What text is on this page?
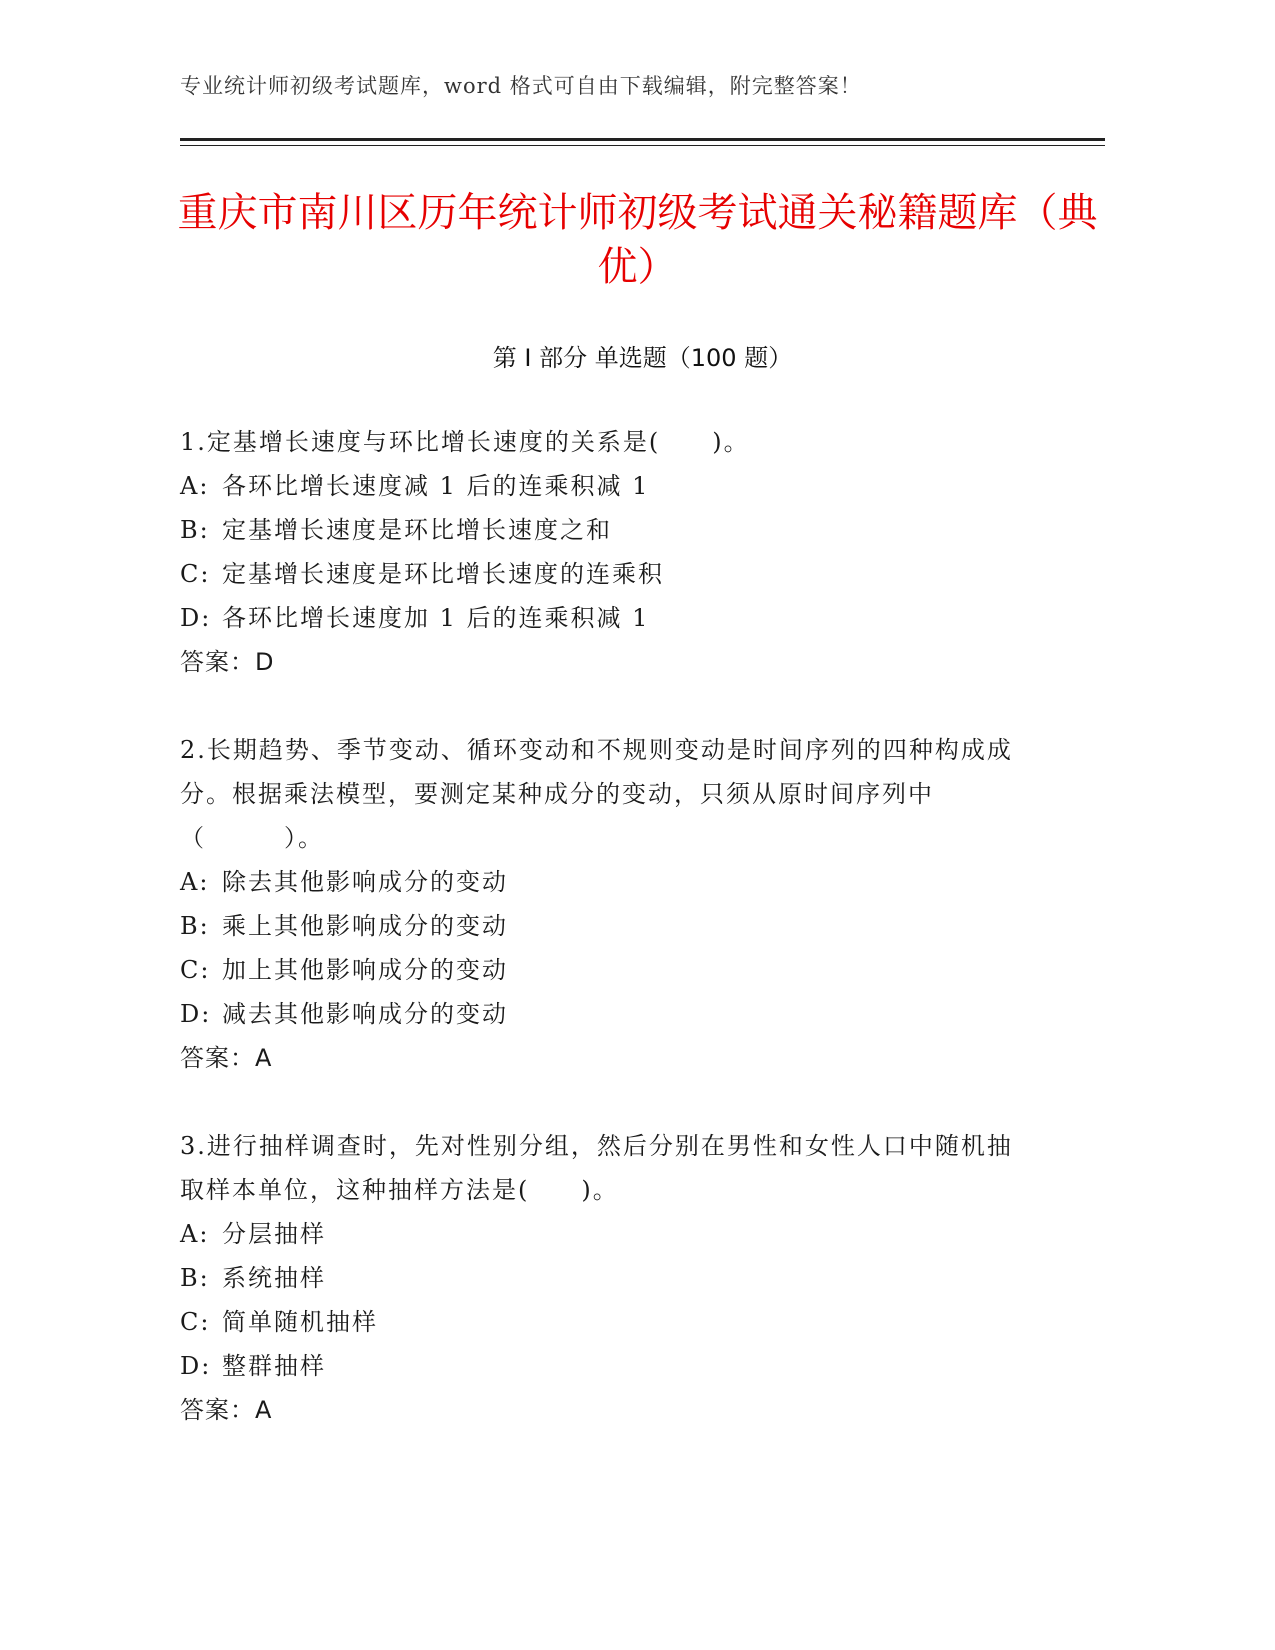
专业统计师初级考试题库，word 格式可自由下载编辑，附完整答案！
重庆市南川区历年统计师初级考试通关秘籍题库（典优）
第 I 部分 单选题（100 题）
1.定基增长速度与环比增长速度的关系是(　　)。
A: 各环比增长速度减 1 后的连乘积减 1
B: 定基增长速度是环比增长速度之和
C: 定基增长速度是环比增长速度的连乘积
D: 各环比增长速度加 1 后的连乘积减 1
答案：D
2.长期趋势、季节变动、循环变动和不规则变动是时间序列的四种构成成分。根据乘法模型，要测定某种成分的变动，只须从原时间序列中（　　　）。
A: 除去其他影响成分的变动
B: 乘上其他影响成分的变动
C: 加上其他影响成分的变动
D: 减去其他影响成分的变动
答案：A
3.进行抽样调查时，先对性别分组，然后分别在男性和女性人口中随机抽取样本单位，这种抽样方法是(　　)。
A: 分层抽样
B: 系统抽样
C: 简单随机抽样
D: 整群抽样
答案：A
